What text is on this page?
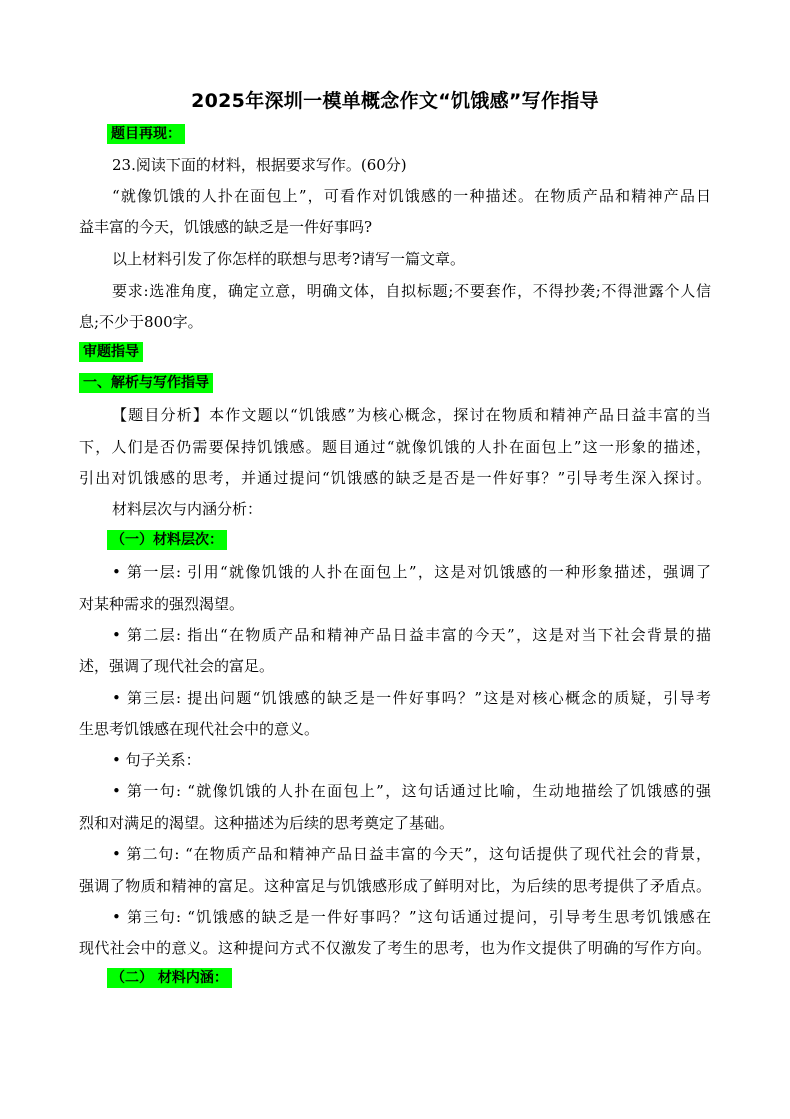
2025年深圳一模单概念作文“饥饿感”写作指导
题目再现：
23.阅读下面的材料，根据要求写作。(60分)
“就像饥饿的人扑在面包上”，可看作对饥饿感的一种描述。在物质产品和精神产品日
益丰富的今天，饥饿感的缺乏是一件好事吗?
以上材料引发了你怎样的联想与思考?请写一篇文章。
要求:选准角度，确定立意，明确文体，自拟标题;不要套作，不得抄袭;不得泄露个人信
息;不少于800字。
审题指导
一、解析与写作指导
【题目分析】本作文题以“饥饿感”为核心概念，探讨在物质和精神产品日益丰富的当
下，人们是否仍需要保持饥饿感。题目通过“就像饥饿的人扑在面包上”这一形象的描述，
引出对饥饿感的思考，并通过提问“饥饿感的缺乏是否是一件好事？”引导考生深入探讨。
材料层次与内涵分析：
（一）材料层次：
• 第一层: 引用“就像饥饿的人扑在面包上”，这是对饥饿感的一种形象描述，强调了
对某种需求的强烈渴望。
• 第二层: 指出“在物质产品和精神产品日益丰富的今天”，这是对当下社会背景的描
述，强调了现代社会的富足。
• 第三层: 提出问题“饥饿感的缺乏是一件好事吗？”这是对核心概念的质疑，引导考
生思考饥饿感在现代社会中的意义。
• 句子关系：
• 第一句: “就像饥饿的人扑在面包上”，这句话通过比喻，生动地描绘了饥饿感的强
烈和对满足的渴望。这种描述为后续的思考奠定了基础。
• 第二句: “在物质产品和精神产品日益丰富的今天”，这句话提供了现代社会的背景，
强调了物质和精神的富足。这种富足与饥饿感形成了鲜明对比，为后续的思考提供了矛盾点。
• 第三句: “饥饿感的缺乏是一件好事吗？”这句话通过提问，引导考生思考饥饿感在
现代社会中的意义。这种提问方式不仅激发了考生的思考，也为作文提供了明确的写作方向。
（二） 材料内涵：
